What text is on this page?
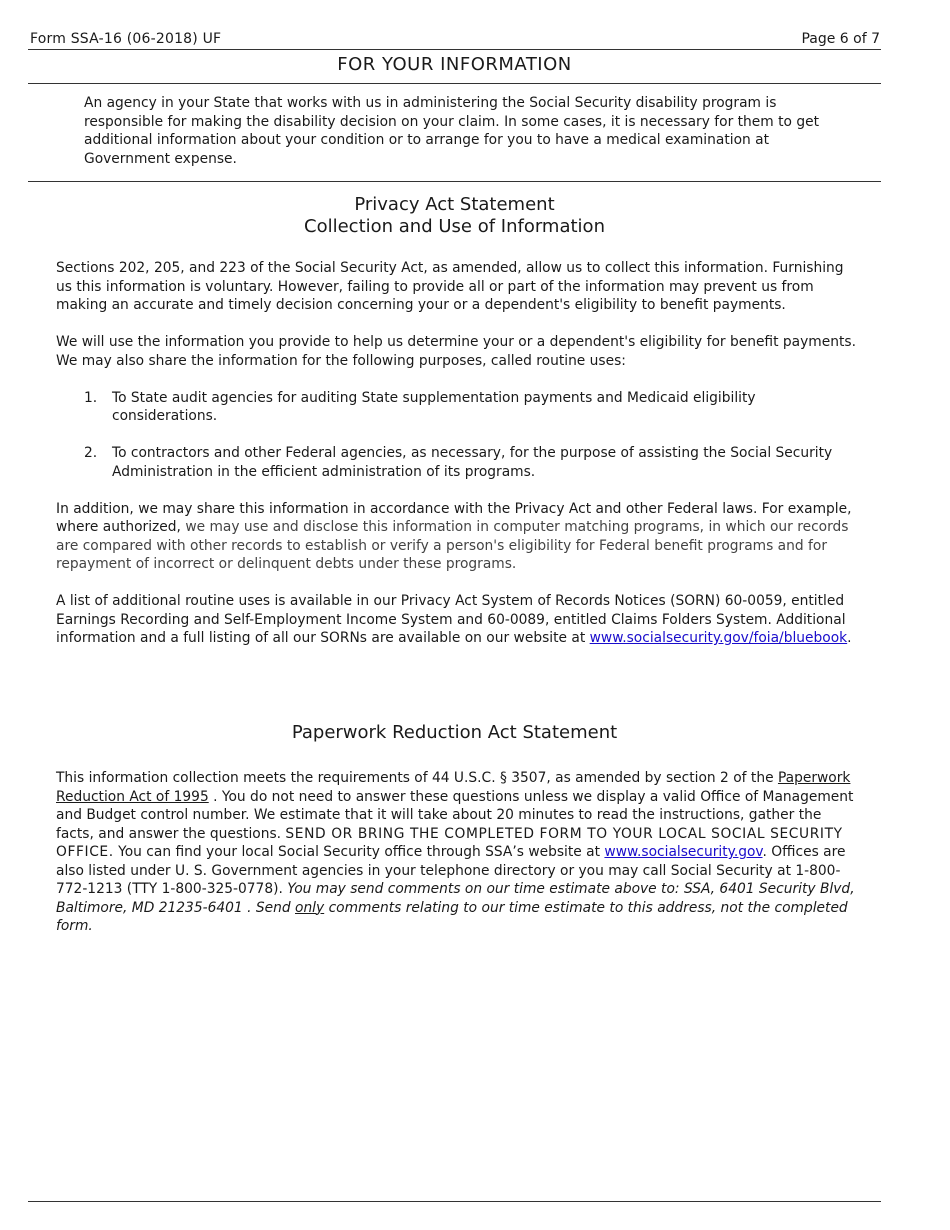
Form SSA-16 (06-2018) UF	Page 6 of 7
FOR YOUR INFORMATION
An agency in your State that works with us in administering the Social Security disability program is responsible for making the disability decision on your claim. In some cases, it is necessary for them to get additional information about your condition or to arrange for you to have a medical examination at Government expense.
Privacy Act Statement
Collection and Use of Information

Sections 202, 205, and 223 of the Social Security Act, as amended, allow us to collect this information. Furnishing us this information is voluntary. However, failing to provide all or part of the information may prevent us from making an accurate and timely decision concerning your or a dependent's eligibility to benefit payments.

We will use the information you provide to help us determine your or a dependent's eligibility for benefit payments. We may also share the information for the following purposes, called routine uses:

1. To State audit agencies for auditing State supplementation payments and Medicaid eligibility considerations.
2. To contractors and other Federal agencies, as necessary, for the purpose of assisting the Social Security Administration in the efficient administration of its programs.

In addition, we may share this information in accordance with the Privacy Act and other Federal laws. For example, where authorized, we may use and disclose this information in computer matching programs, in which our records are compared with other records to establish or verify a person's eligibility for Federal benefit programs and for repayment of incorrect or delinquent debts under these programs.

A list of additional routine uses is available in our Privacy Act System of Records Notices (SORN) 60-0059, entitled Earnings Recording and Self-Employment Income System and 60-0089, entitled Claims Folders System. Additional information and a full listing of all our SORNs are available on our website at www.socialsecurity.gov/foia/bluebook.

Paperwork Reduction Act Statement

This information collection meets the requirements of 44 U.S.C. § 3507, as amended by section 2 of the Paperwork Reduction Act of 1995 . You do not need to answer these questions unless we display a valid Office of Management and Budget control number. We estimate that it will take about 20 minutes to read the instructions, gather the facts, and answer the questions. SEND OR BRING THE COMPLETED FORM TO YOUR LOCAL SOCIAL SECURITY OFFICE. You can find your local Social Security office through SSA’s website at www.socialsecurity.gov. Offices are also listed under U. S. Government agencies in your telephone directory or you may call Social Security at 1-800-772-1213 (TTY 1-800-325-0778). You may send comments on our time estimate above to: SSA, 6401 Security Blvd, Baltimore, MD 21235-6401 . Send only comments relating to our time estimate to this address, not the completed form.
